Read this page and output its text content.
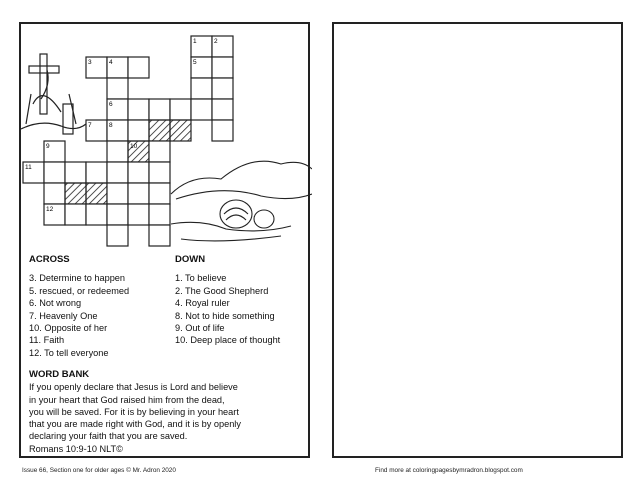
1	2
3	4	5
6
7	8
9	10
11
12
ACROSS
3. Determine to happen
5. rescued, or redeemed
6. Not wrong
7. Heavenly One
10. Opposite of her
11. Faith
12. To tell everyone
DOWN
1. To believe
2. The Good Shepherd
4. Royal ruler
8. Not to hide something
9. Out of life
10. Deep place of thought
WORD BANK
If you openly declare that Jesus is Lord and believe
in your heart that God raised him from the dead,
you will be saved. For it is by believing in your heart
that you are made right with God, and it is by openly
declaring your faith that you are saved.
Romans 10:9-10 NLT©
Issue 66, Section one for older ages © Mr. Adron 2020	Find more at coloringpagesbymradron.blogspot.com
